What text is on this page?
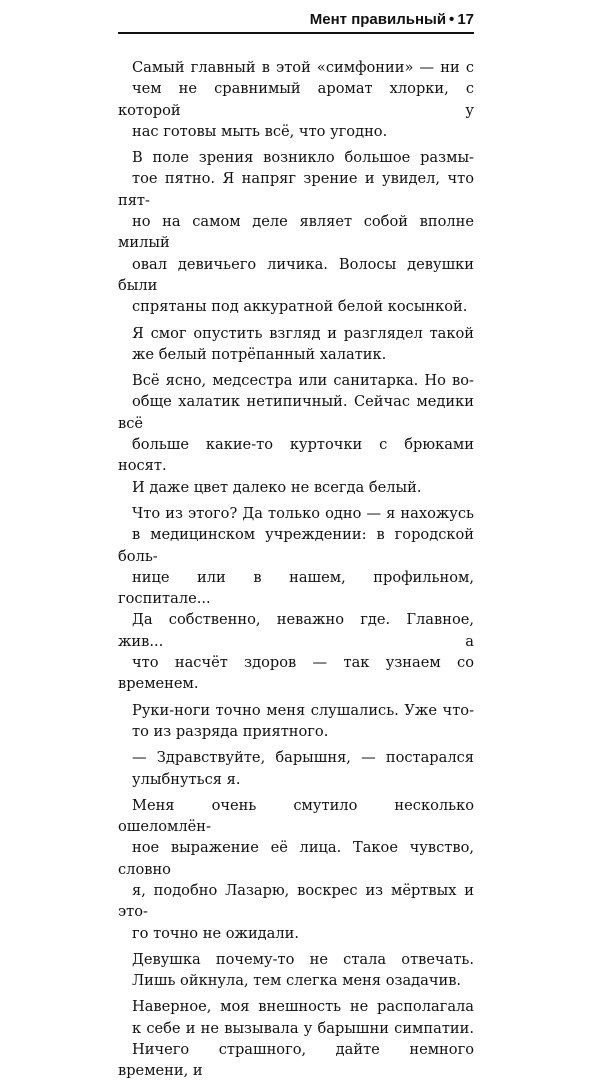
Мент правильный • 17

Самый главный в этой «симфонии» — ни с
чем не сравнимый аромат хлорки, с которой у
нас готовы мыть всё, что угодно.

В поле зрения возникло большое размы-
тое пятно. Я напряг зрение и увидел, что пят-
но на самом деле являет собой вполне милый
овал девичьего личика. Волосы девушки были
спрятаны под аккуратной белой косынкой.

Я смог опустить взгляд и разглядел такой
же белый потрёпанный халатик.

Всё ясно, медсестра или санитарка. Но во-
обще халатик нетипичный. Сейчас медики всё
больше какие-то курточки с брюками носят.
И даже цвет далеко не всегда белый.

Что из этого? Да только одно — я нахожусь
в медицинском учреждении: в городской боль-
нице или в нашем, профильном, госпитале...
Да собственно, неважно где. Главное, жив... а
что насчёт здоров — так узнаем со временем.

Руки-ноги точно меня слушались. Уже что-
то из разряда приятного.

— Здравствуйте, барышня, — постарался
улыбнуться я.

Меня очень смутило несколько ошеломлён-
ное выражение её лица. Такое чувство, словно
я, подобно Лазарю, воскрес из мёртвых и это-
го точно не ожидали.

Девушка почему-то не стала отвечать.
Лишь ойкнула, тем слегка меня озадачив.

Наверное, моя внешность не располагала
к себе и не вызывала у барышни симпатии.
Ничего страшного, дайте немного времени, и
